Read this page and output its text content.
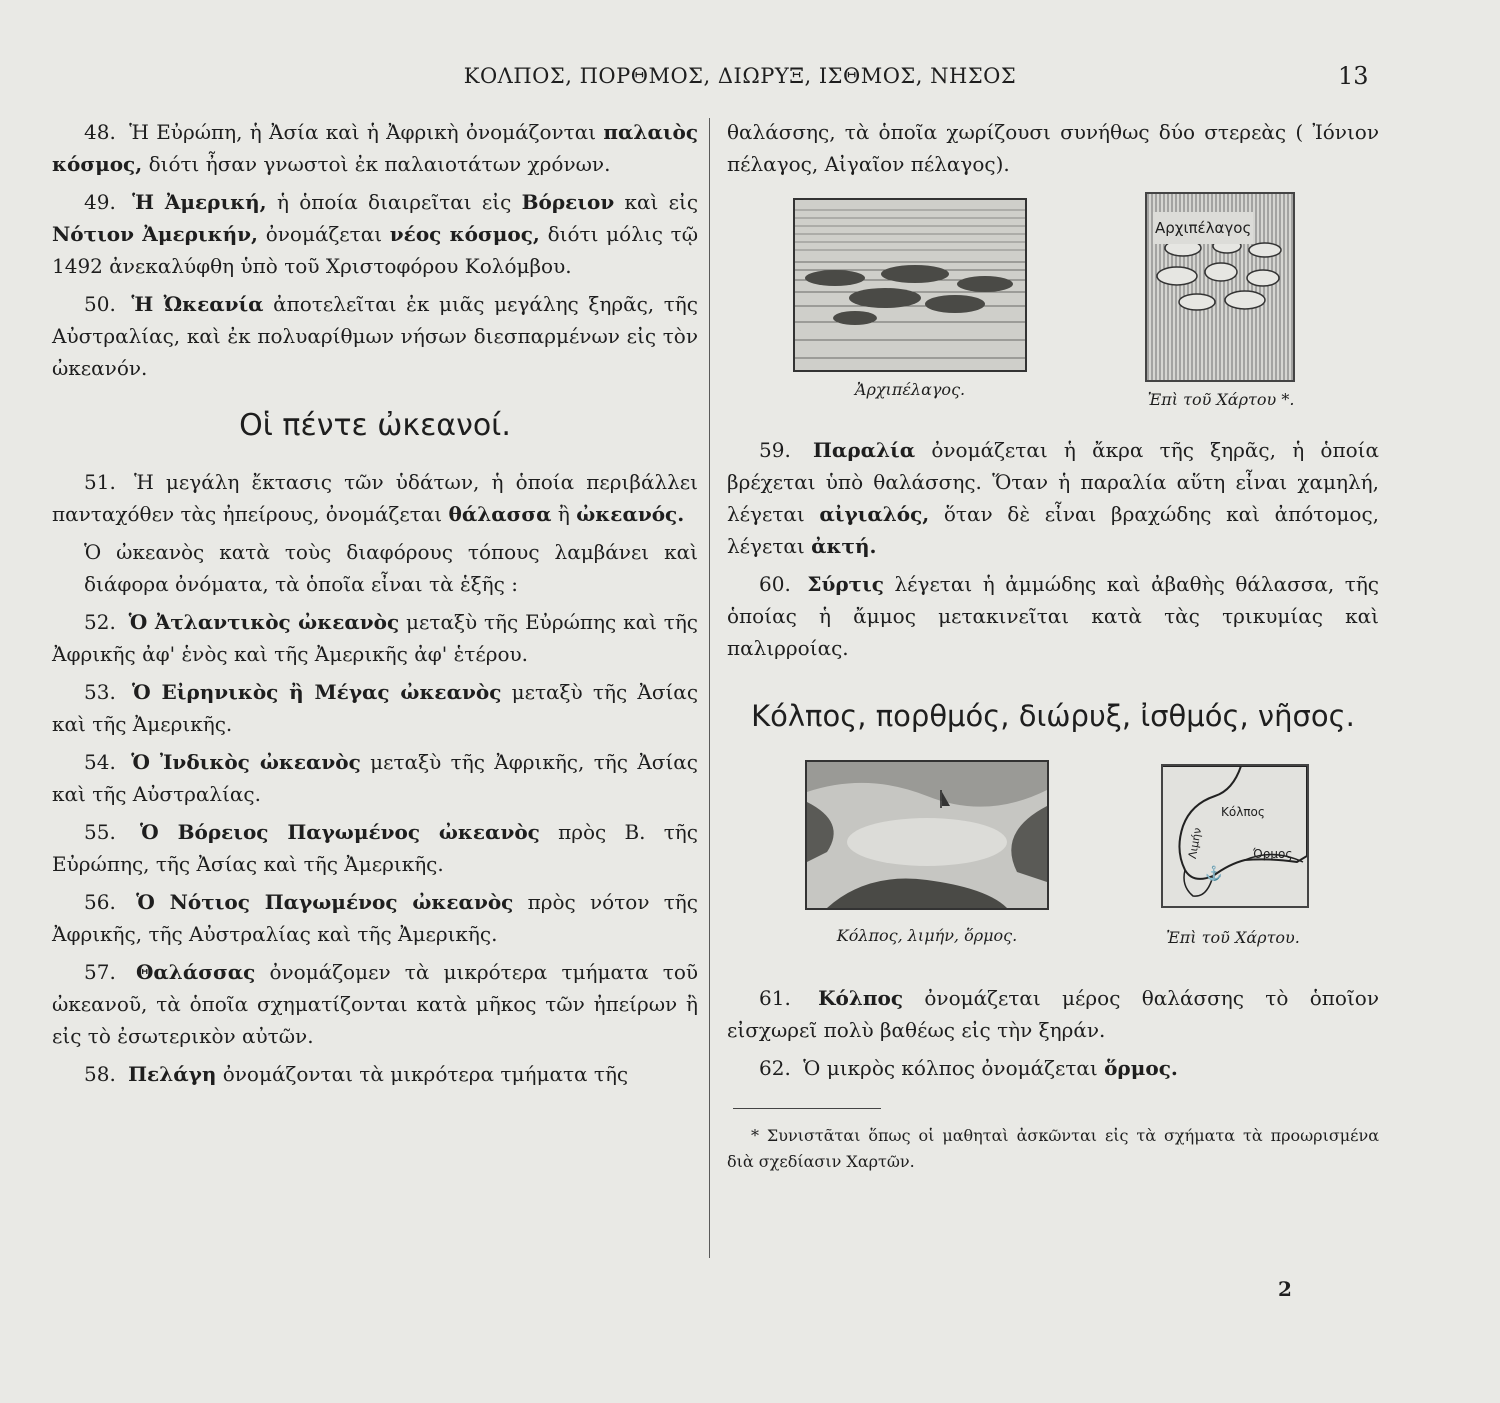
ΚΟΛΠΟΣ, ΠΟΡΘΜΟΣ, ΔΙΩΡΥΞ, ΙΣΘΜΟΣ, ΝΗΣΟΣ	13

48. Ἡ Εὐρώπη, ἡ Ἀσία καὶ ἡ Ἀφρικὴ ὀνομάζονται παλαιὸς κόσμος, διότι ἦσαν γνωστοὶ ἐκ παλαιοτάτων χρόνων.

49. Ἡ Ἀμερική, ἡ ὁποία διαιρεῖται εἰς Βόρειον καὶ εἰς Νότιον Ἀμερικήν, ὀνομάζεται νέος κόσμος, διότι μόλις τῷ 1492 ἀνεκαλύφθη ὑπὸ τοῦ Χριστοφόρου Κολόμβου.

50. Ἡ Ὠκεανία ἀποτελεῖται ἐκ μιᾶς μεγάλης ξηρᾶς, τῆς Αὐστραλίας, καὶ ἐκ πολυαρίθμων νήσων διεσπαρμένων εἰς τὸν ὠκεανόν.

Οἱ πέντε ὠκεανοί.

51. Ἡ μεγάλη ἔκτασις τῶν ὑδάτων, ἡ ὁποία περιβάλλει πανταχόθεν τὰς ἠπείρους, ὀνομάζεται θάλασσα ἢ ὠκεανός.

Ὁ ὠκεανὸς κατὰ τοὺς διαφόρους τόπους λαμβάνει καὶ διάφορα ὀνόματα, τὰ ὁποῖα εἶναι τὰ ἑξῆς :

52. Ὁ Ἀτλαντικὸς ὠκεανὸς μεταξὺ τῆς Εὐρώπης καὶ τῆς Ἀφρικῆς ἀφ' ἑνὸς καὶ τῆς Ἀμερικῆς ἀφ' ἑτέρου.

53. Ὁ Εἰρηνικὸς ἢ Μέγας ὠκεανὸς μεταξὺ τῆς Ἀσίας καὶ τῆς Ἀμερικῆς.

54. Ὁ Ἰνδικὸς ὠκεανὸς μεταξὺ τῆς Ἀφρικῆς, τῆς Ἀσίας καὶ τῆς Αὐστραλίας.

55. Ὁ Βόρειος Παγωμένος ὠκεανὸς πρὸς Β. τῆς Εὐρώπης, τῆς Ἀσίας καὶ τῆς Ἀμερικῆς.

56. Ὁ Νότιος Παγωμένος ὠκεανὸς πρὸς νότον τῆς Ἀφρικῆς, τῆς Αὐστραλίας καὶ τῆς Ἀμερικῆς.

57. Θαλάσσας ὀνομάζομεν τὰ μικρότερα τμήματα τοῦ ὠκεανοῦ, τὰ ὁποῖα σχηματίζονται κατὰ μῆκος τῶν ἠπείρων ἢ εἰς τὸ ἐσωτερικὸν αὐτῶν.

58. Πελάγη ὀνομάζονται τὰ μικρότερα τμήματα τῆς

θαλάσσης, τὰ ὁποῖα χωρίζουσι συνήθως δύο στερεὰς ( Ἰόνιον πέλαγος, Αἰγαῖον πέλαγος).

Ἀρχιπέλαγος.
Αρχιπέλαγος
Ἐπὶ τοῦ Χάρτου *.

59. Παραλία ὀνομάζεται ἡ ἄκρα τῆς ξηρᾶς, ἡ ὁποία βρέχεται ὑπὸ θαλάσσης. Ὅταν ἡ παραλία αὕτη εἶναι χαμηλή, λέγεται αἰγιαλός, ὅταν δὲ εἶναι βραχώδης καὶ ἀπότομος, λέγεται ἀκτή.

60. Σύρτις λέγεται ἡ ἀμμώδης καὶ ἀβαθὴς θάλασσα, τῆς ὁποίας ἡ ἄμμος μετακινεῖται κατὰ τὰς τρικυμίας καὶ παλιρροίας.

Κόλπος, πορθμός, διώρυξ, ἰσθμός, νῆσος.
Κόλπος, λιμήν, ὅρμος.
Κόλπος
Όρμος
Λιμήν
⚓
Ἐπὶ τοῦ Χάρτου.

61. Κόλπος ὀνομάζεται μέρος θαλάσσης τὸ ὁποῖον εἰσχωρεῖ πολὺ βαθέως εἰς τὴν ξηράν.

62. Ὁ μικρὸς κόλπος ὀνομάζεται ὅρμος.

* Συνιστᾶται ὅπως οἱ μαθηταὶ ἀσκῶνται εἰς τὰ σχήματα τὰ προωρισμένα διὰ σχεδίασιν Χαρτῶν.

2
